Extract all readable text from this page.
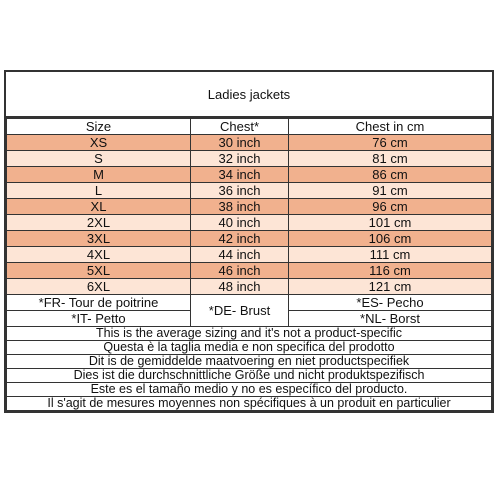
Ladies jackets
Size	Chest*	Chest in cm
XS	30 inch	76 cm
S	32 inch	81 cm
M	34 inch	86 cm
L	36 inch	91 cm
XL	38 inch	96 cm
2XL	40 inch	101 cm
3XL	42 inch	106 cm
4XL	44 inch	111 cm
5XL	46 inch	116 cm
6XL	48 inch	121 cm
*FR- Tour de poitrine	*DE- Brust	*ES- Pecho
*IT- Petto		*NL- Borst
This is the average sizing and it's not a product-specific		
Questa è la taglia media e non specifica del prodotto		
Dit is de gemiddelde maatvoering en niet productspecifiek		
Dies ist die durchschnittliche Größe und nicht produktspezifisch		
Este es el tamaño medio y no es específico del producto.		
Il s'agit de mesures moyennes non spécifiques à un produit en particulier		
